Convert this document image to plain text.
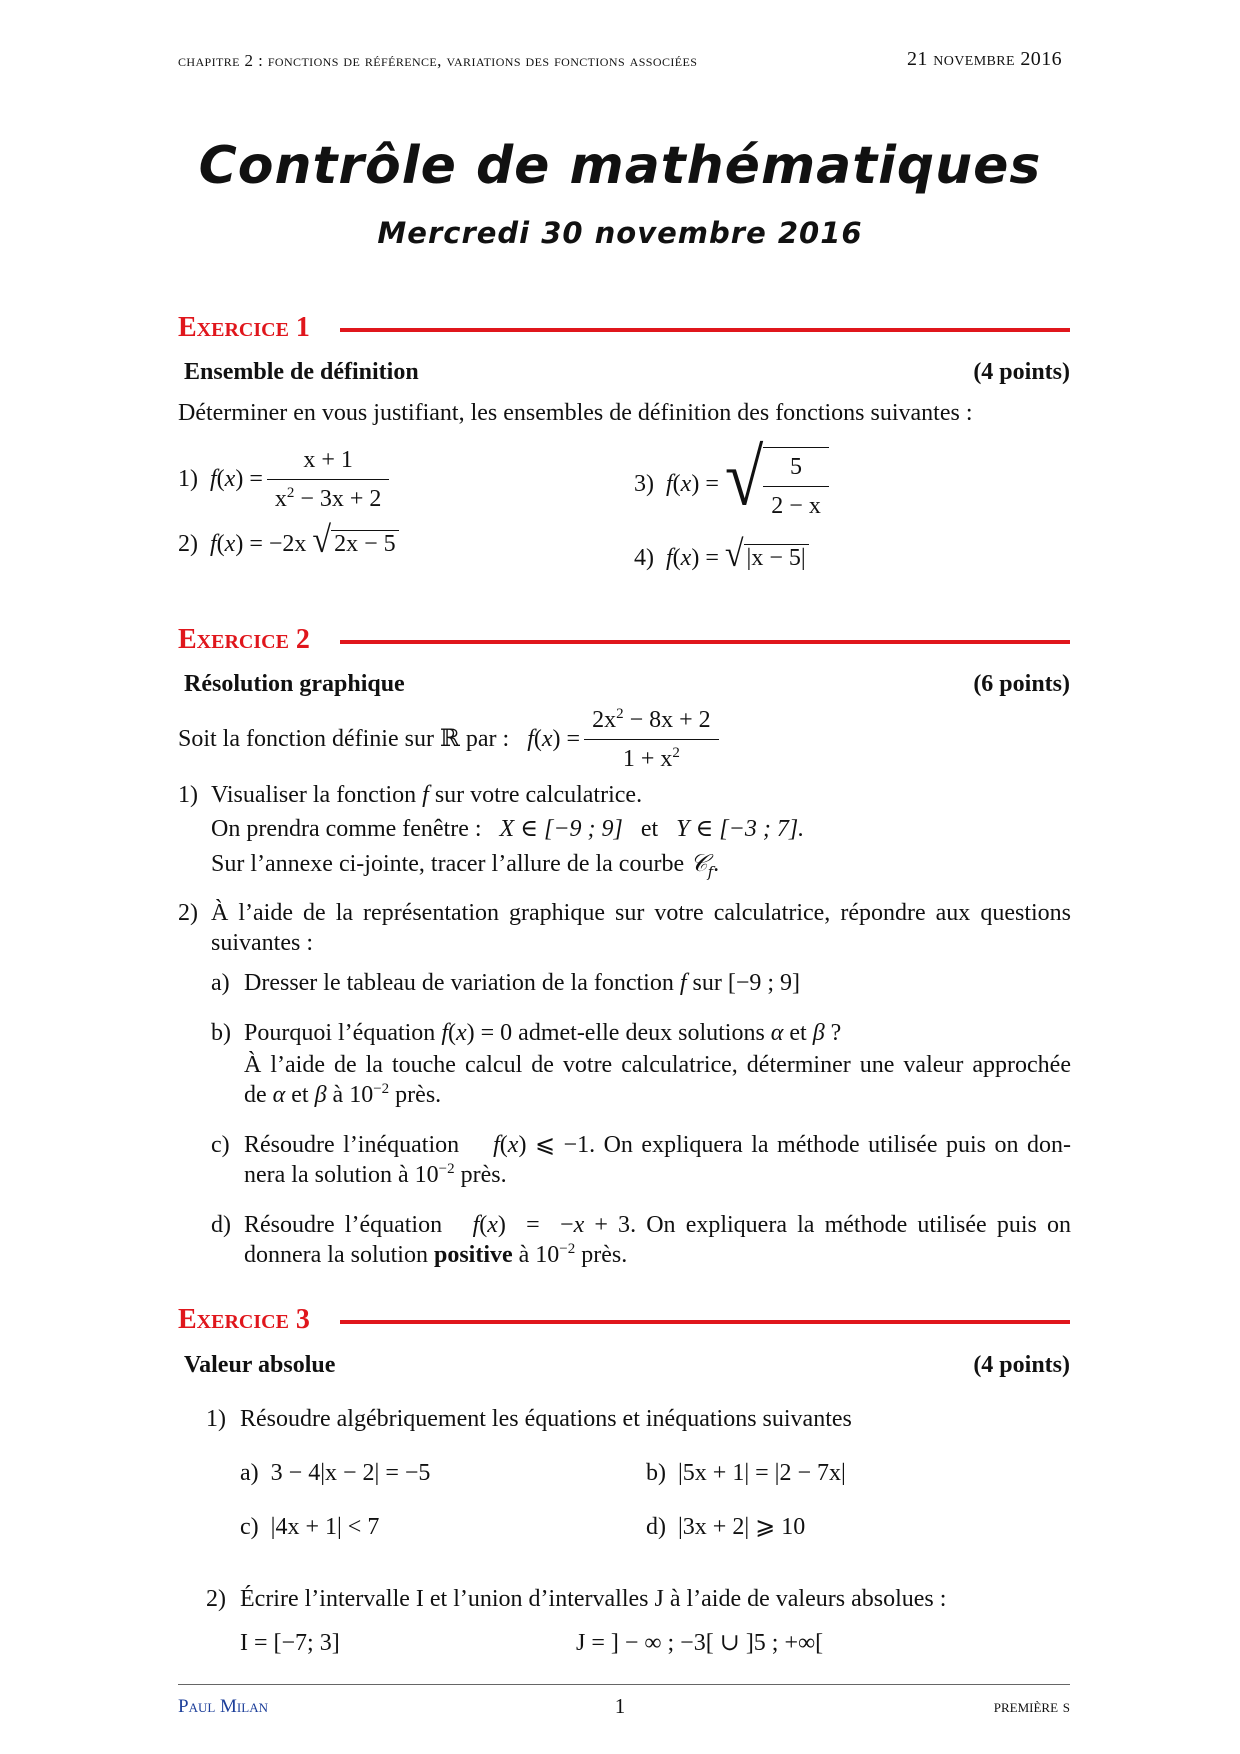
chapitre 2 : fonctions de référence, variations des fonctions associées	21 novembre 2016
Contrôle de mathématiques
Mercredi 30 novembre 2016
Exercice 1
Ensemble de définition	(4 points)
Déterminer en vous justifiant, les ensembles de définition des fonctions suivantes :
1)
f ( x ) = $\frac{x + 1}{x^2 - 3x + 2}$
2) f(x) = −2x √ 2x − 5
3)
f ( x ) = √ $\frac{5}{2 - x}$
4) f(x) = √ |x − 5|
Exercice 2
Résolution graphique	(6 points)
Soit la fonction définie sur ℝ par :
f ( x ) = $\frac{2x^2 - 8x + 2}{1 + x^2}$
1) Visualiser la fonction f sur votre calculatrice.
On prendra comme fenêtre : X ∈ [−9 ; 9] et Y ∈ [−3 ; 7].
Sur l’annexe ci-jointe, tracer l’allure de la courbe 𝒞$_f$.
2) À l’aide de la représentation graphique sur votre calculatrice, répondre aux questions
suivantes :
a) Dresser le tableau de variation de la fonction f sur [−9 ; 9]
b) Pourquoi l’équation f(x) = 0 admet-elle deux solutions α et β ?
À l’aide de la touche calcul de votre calculatrice, déterminer une valeur approchée
de α et β à $10^{-2}$ près.
c) Résoudre l’inéquation f(x) ⩽ −1. On expliquera la méthode utilisée puis on don-
nera la solution à $10^{-2}$ près.
d) Résoudre l’équation f(x)  =  −x + 3. On expliquera la méthode utilisée puis on
donnera la solution positive à $10^{-2}$ près.
Exercice 3
Valeur absolue	(4 points)
1) Résoudre algébriquement les équations et inéquations suivantes
a) 3 − 4|x − 2| = −5	b) |5x + 1| = |2 − 7x|
c) |4x + 1| < 7	d) |3x + 2| ⩾ 10
2) Écrire l’intervalle I et l’union d’intervalles J à l’aide de valeurs absolues :
I = [−7; 3]	J = ] − ∞ ; −3[ ∪ ]5 ; +∞[
Paul Milan	1	première s
